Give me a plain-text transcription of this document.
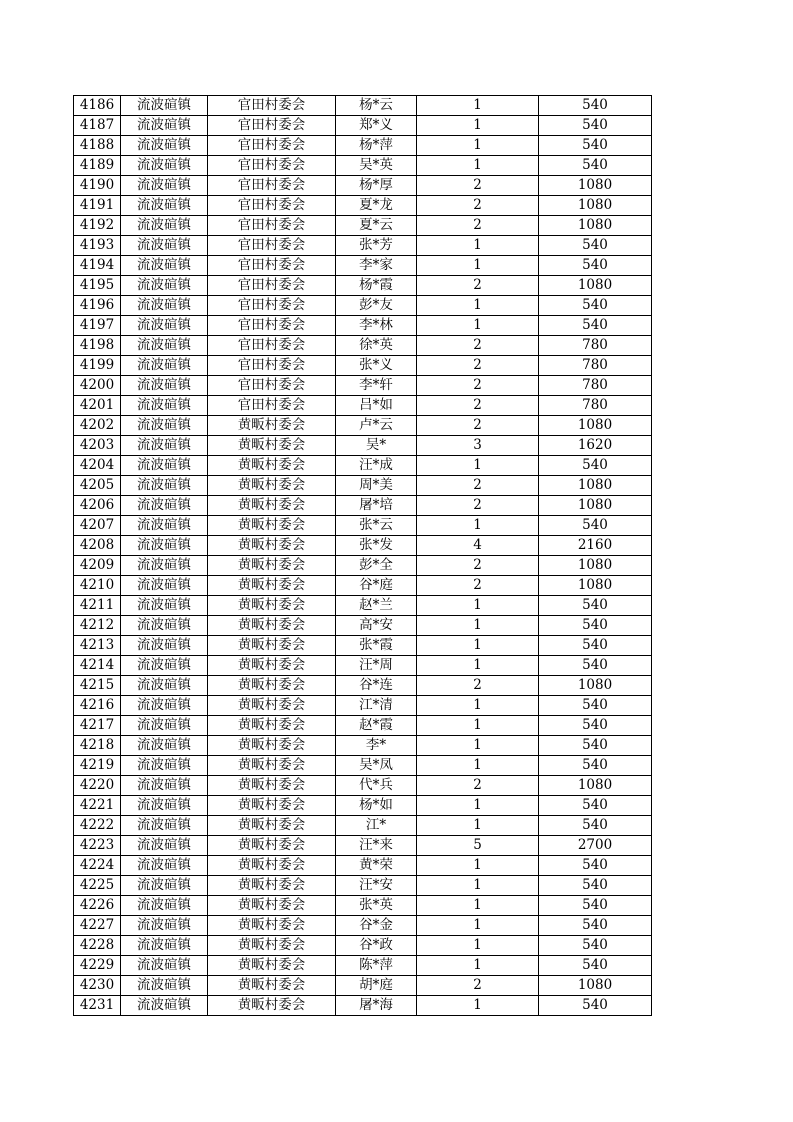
4186	流波碹镇	官田村委会	杨*云	1	540
4187	流波碹镇	官田村委会	郑*义	1	540
4188	流波碹镇	官田村委会	杨*萍	1	540
4189	流波碹镇	官田村委会	吴*英	1	540
4190	流波碹镇	官田村委会	杨*厚	2	1080
4191	流波碹镇	官田村委会	夏*龙	2	1080
4192	流波碹镇	官田村委会	夏*云	2	1080
4193	流波碹镇	官田村委会	张*芳	1	540
4194	流波碹镇	官田村委会	李*家	1	540
4195	流波碹镇	官田村委会	杨*霞	2	1080
4196	流波碹镇	官田村委会	彭*友	1	540
4197	流波碹镇	官田村委会	李*林	1	540
4198	流波碹镇	官田村委会	徐*英	2	780
4199	流波碹镇	官田村委会	张*义	2	780
4200	流波碹镇	官田村委会	李*轩	2	780
4201	流波碹镇	官田村委会	吕*如	2	780
4202	流波碹镇	黄畈村委会	卢*云	2	1080
4203	流波碹镇	黄畈村委会	吴*	3	1620
4204	流波碹镇	黄畈村委会	汪*成	1	540
4205	流波碹镇	黄畈村委会	周*美	2	1080
4206	流波碹镇	黄畈村委会	屠*培	2	1080
4207	流波碹镇	黄畈村委会	张*云	1	540
4208	流波碹镇	黄畈村委会	张*发	4	2160
4209	流波碹镇	黄畈村委会	彭*全	2	1080
4210	流波碹镇	黄畈村委会	谷*庭	2	1080
4211	流波碹镇	黄畈村委会	赵*兰	1	540
4212	流波碹镇	黄畈村委会	高*安	1	540
4213	流波碹镇	黄畈村委会	张*霞	1	540
4214	流波碹镇	黄畈村委会	汪*周	1	540
4215	流波碹镇	黄畈村委会	谷*连	2	1080
4216	流波碹镇	黄畈村委会	江*清	1	540
4217	流波碹镇	黄畈村委会	赵*霞	1	540
4218	流波碹镇	黄畈村委会	李*	1	540
4219	流波碹镇	黄畈村委会	吴*凤	1	540
4220	流波碹镇	黄畈村委会	代*兵	2	1080
4221	流波碹镇	黄畈村委会	杨*如	1	540
4222	流波碹镇	黄畈村委会	江*	1	540
4223	流波碹镇	黄畈村委会	汪*来	5	2700
4224	流波碹镇	黄畈村委会	黄*荣	1	540
4225	流波碹镇	黄畈村委会	汪*安	1	540
4226	流波碹镇	黄畈村委会	张*英	1	540
4227	流波碹镇	黄畈村委会	谷*金	1	540
4228	流波碹镇	黄畈村委会	谷*政	1	540
4229	流波碹镇	黄畈村委会	陈*萍	1	540
4230	流波碹镇	黄畈村委会	胡*庭	2	1080
4231	流波碹镇	黄畈村委会	屠*海	1	540
